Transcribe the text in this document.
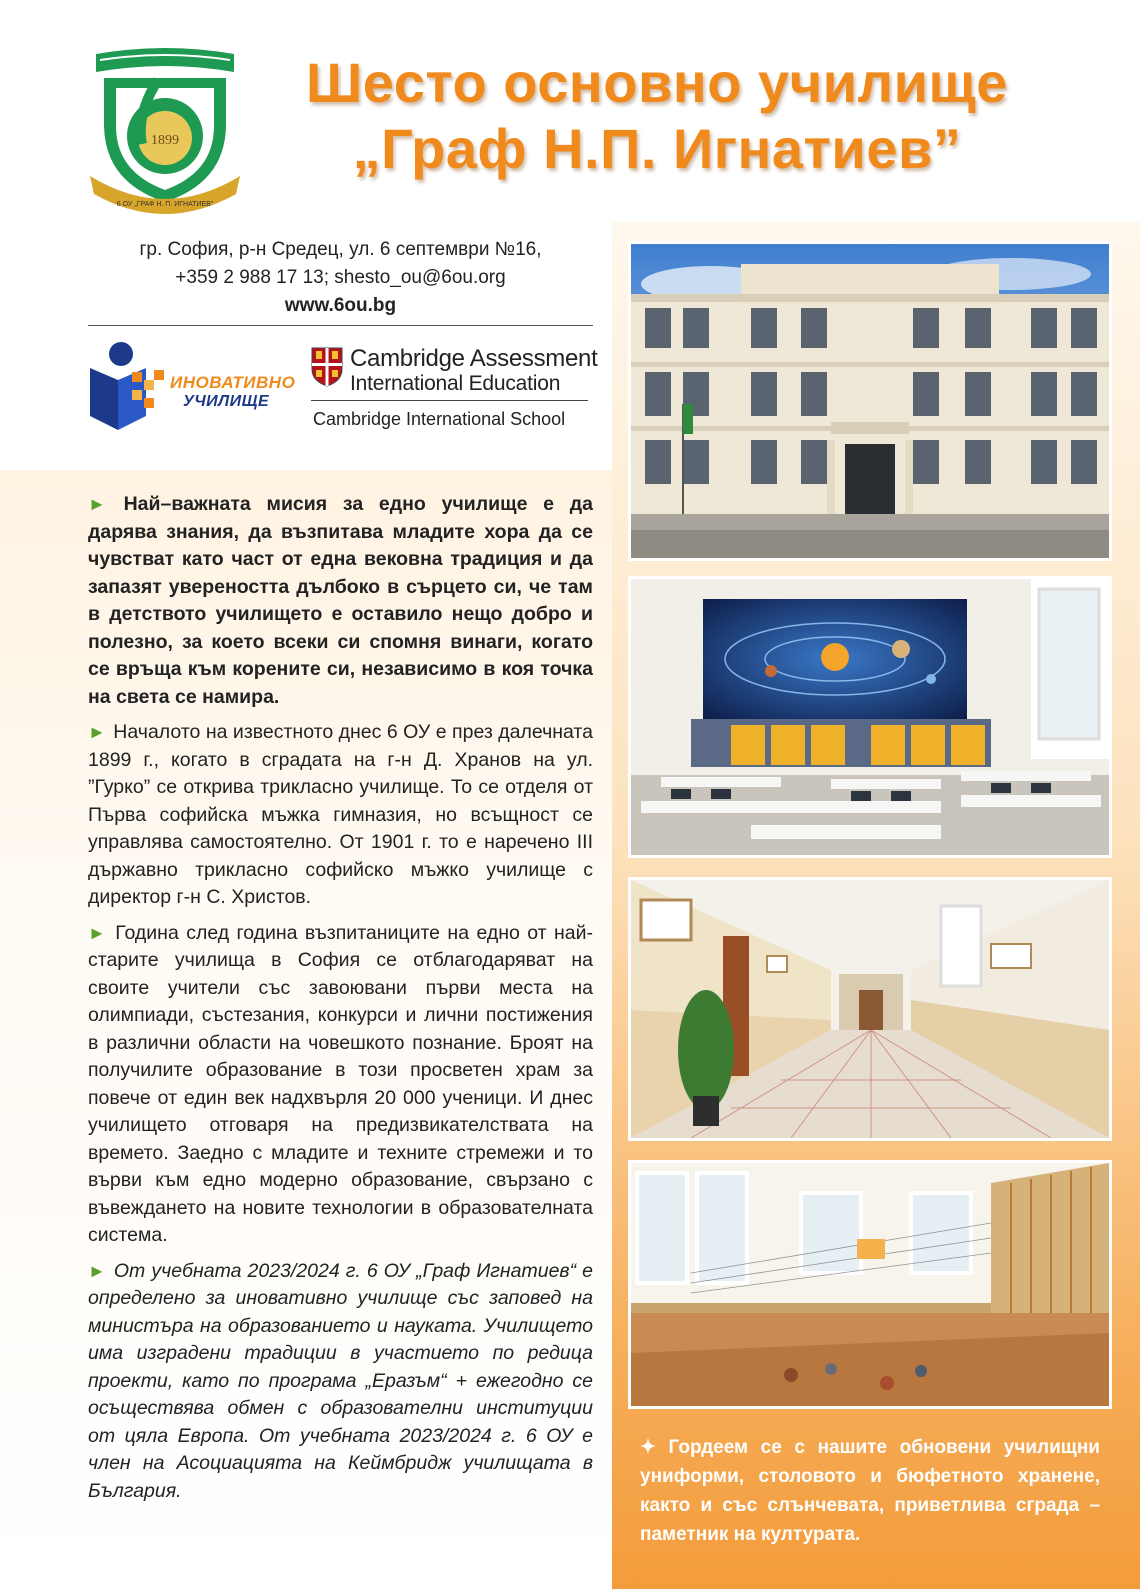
1899
6 ОУ „ГРАФ Н. П. ИГНАТИЕВ”
Шесто основно училище
„Граф Н.П. Игнатиев”
гр. София, р-н Средец, ул. 6 септември №16,
+359 2 988 17 13; shesto_ou@6ou.org
www.6ou.bg
ИНОВАТИВНО
УЧИЛИЩЕ
Cambridge Assessment
International Education
Cambridge International School

► Най–важната мисия за едно училище е да дарява знания, да възпитава младите хора да се чувстват като част от една вековна традиция и да запазят увереността дълбоко в сърцето си, че там в детството училището е оставило нещо добро и полезно, за което всеки си спомня винаги, когато се връща към корените си, независимо в коя точка на света се намира.

► Началото на известното днес 6 ОУ е през далечната 1899 г., когато в сградата на г-н Д. Хранов на ул. ”Гурко” се открива трикласно училище. То се отделя от Първа софийска мъжка гимназия, но всъщност се управлява самостоятелно. От 1901 г. то е наречено III държавно трикласно софийско мъжко училище с директор г-н С. Христов.

► Година след година възпитаниците на едно от най-старите училища в София се отблагодаряват на своите учители със завоювани първи места на олимпиади, състезания, конкурси и лични постижения в различни области на човешкото познание. Броят на получилите образование в този просветен храм за повече от един век надхвърля 20 000 ученици. И днес училището отговаря на предизвикателствата на времето. Заедно с младите и техните стремежи и то върви към едно модерно образование, свързано с въвеждането на новите технологии в образователната система.

► От учебната 2023/2024 г. 6 ОУ „Граф Игнатиев“ е определено за иновативно училище със заповед на министъра на образованието и науката. Училището има изградени традиции в участието по редица проекти, като по програма „Еразъм“ + ежегодно се осъществява обмен с образователни институции от цяла Европа. От учебната 2023/2024 г. 6 ОУ е член на Асоциацията на Кеймбридж училищата в България.

✦ Гордеем се с нашите обновени училищни униформи, столовото и бюфетното хранене, както и със слънчевата, приветлива сграда – паметник на културата.
